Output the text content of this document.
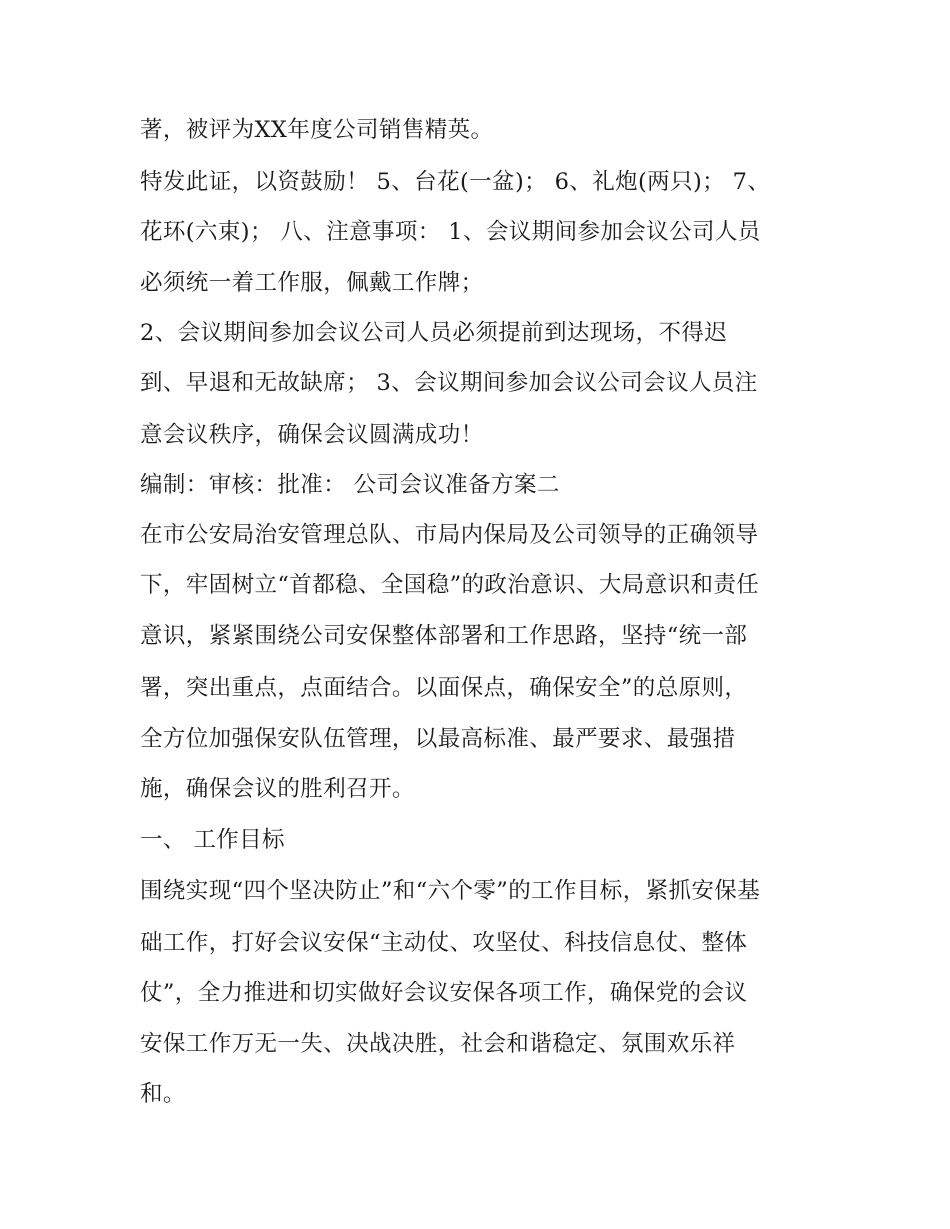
著，被评为XX年度公司销售精英。
特发此证，以资鼓励！ 5、台花(一盆)； 6、礼炮(两只)； 7、
花环(六束)； 八、注意事项： 1、会议期间参加会议公司人员
必须统一着工作服，佩戴工作牌；
2、会议期间参加会议公司人员必须提前到达现场，不得迟
到、早退和无故缺席； 3、会议期间参加会议公司会议人员注
意会议秩序，确保会议圆满成功！
编制：审核：批准： 公司会议准备方案二
在市公安局治安管理总队、市局内保局及公司领导的正确领导
下，牢固树立“首都稳、全国稳”的政治意识、大局意识和责任
意识，紧紧围绕公司安保整体部署和工作思路，坚持“统一部
署，突出重点，点面结合。以面保点，确保安全”的总原则，
全方位加强保安队伍管理，以最高标准、最严要求、最强措
施，确保会议的胜利召开。
一、 工作目标
围绕实现“四个坚决防止”和“六个零”的工作目标，紧抓安保基
础工作，打好会议安保“主动仗、攻坚仗、科技信息仗、整体
仗”，全力推进和切实做好会议安保各项工作，确保党的会议
安保工作万无一失、决战决胜，社会和谐稳定、氛围欢乐祥
和。
